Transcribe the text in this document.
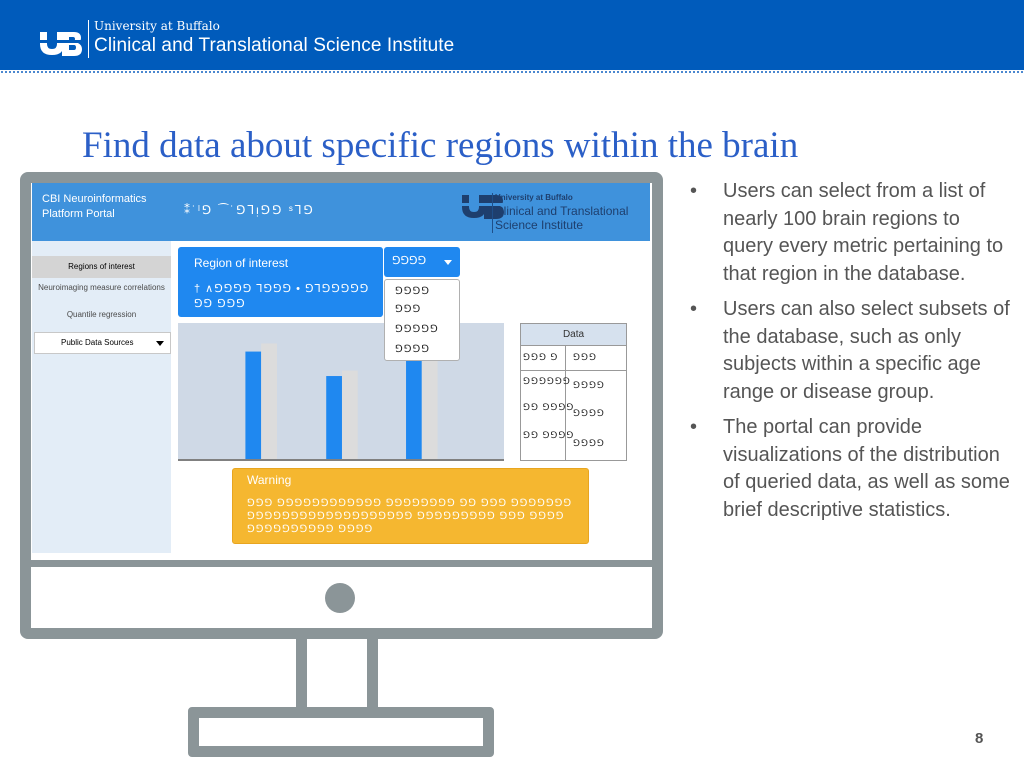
University at Buffalo
Clinical and Translational Science Institute
Find data about specific regions within the brain
CBI Neuroinformatics Platform Portal	⁑˙ˡ⅁ ⁀˙⅁⅂ᴉ⅁⅁ ˢ⅂⅁
University at Buffalo
Clinical and Translational Science Institute
Regions of interest
Neuroimaging measure correlations
Quantile regression
Public Data Sources
Region of interest
† ∧⅁⅁⅁⅁ ⅂⅁⅁⅁ • ⅁⅂⅁⅁⅁⅁⅁ ⅁⅁ ⅁⅁⅁
⅁⅁⅁⅁
⅁⅁⅁⅁
⅁⅁⅁
⅁⅁⅁⅁⅁
⅁⅁⅁⅁
Data
⅁⅁⅁ ⅁ ⅁⅁⅁
⅁⅁⅁⅁⅁⅁ ⅁⅁⅁⅁
⅁⅁ ⅁⅁⅁⅁
⅁⅁⅁⅁
⅁⅁ ⅁⅁⅁⅁
⅁⅁⅁⅁
Warning
⅁⅁⅁ ⅁⅁⅁⅁⅁⅁⅁⅁⅁⅁⅁⅁ ⅁⅁⅁⅁⅁⅁⅁⅁ ⅁⅁ ⅁⅁⅁ ⅁⅁⅁⅁⅁⅁⅁ ⅁⅁⅁⅁⅁⅁⅁⅁⅁⅁⅁⅁⅁⅁⅁⅁⅁⅁⅁ ⅁⅁⅁⅁⅁⅁⅁⅁⅁ ⅁⅁⅁ ⅁⅁⅁⅁ ⅁⅁⅁⅁⅁⅁⅁⅁⅁⅁ ⅁⅁⅁⅁
• Users can select from a list of nearly 100 brain regions to query every metric pertaining to that region in the database.
• Users can also select subsets of the database, such as only subjects within a specific age range or disease group.
• The portal can provide visualizations of the distribution of queried data, as well as some brief descriptive statistics.
8
